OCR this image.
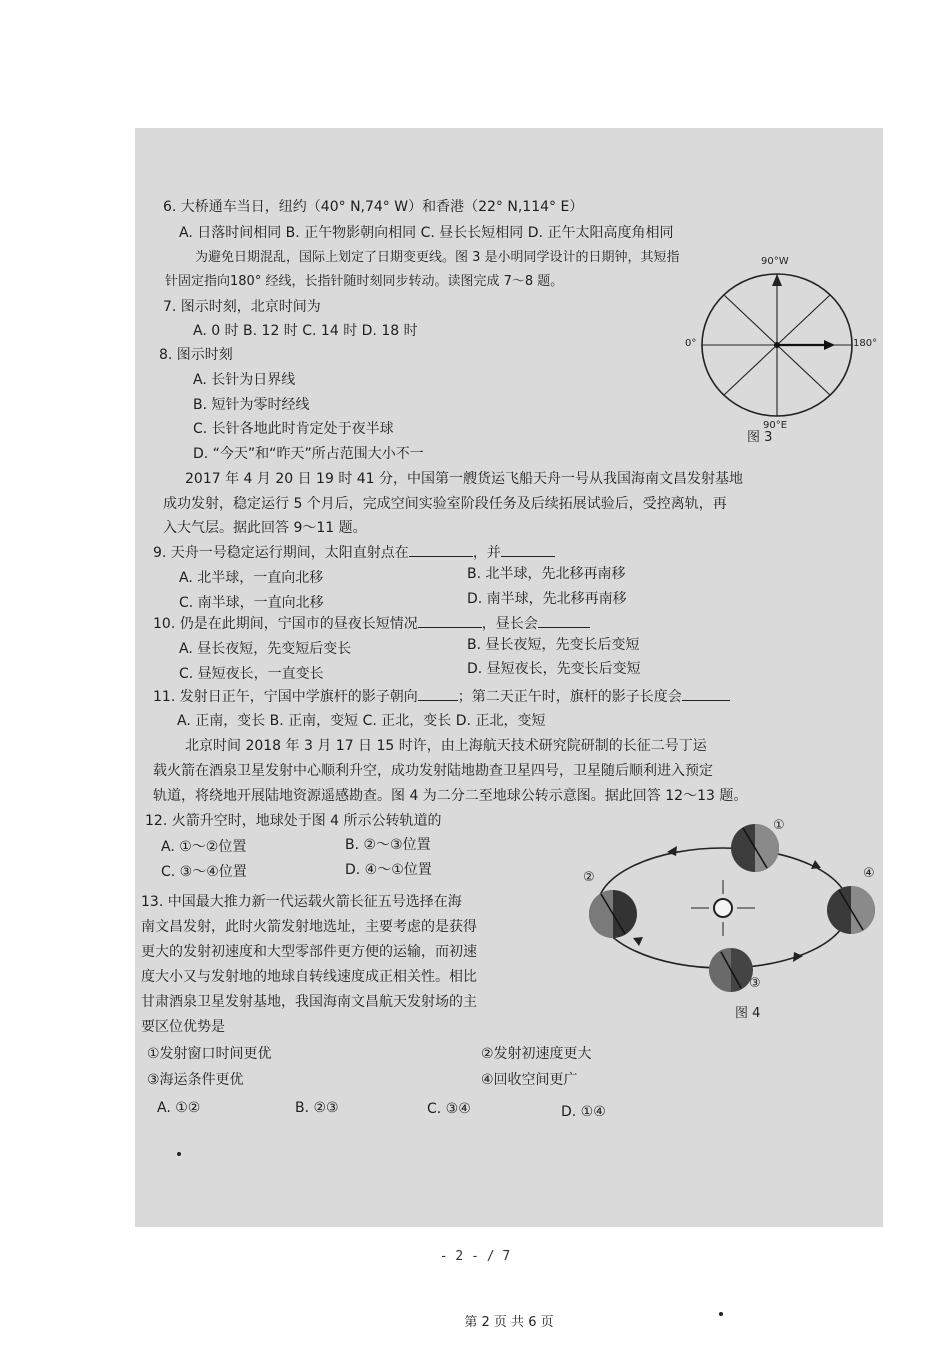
6. 大桥通车当日，纽约（40° N,74° W）和香港（22° N,114° E）
A. 日落时间相同 B. 正午物影朝向相同 C. 昼长长短相同 D. 正午太阳高度角相同
为避免日期混乱，国际上划定了日期变更线。图 3 是小明同学设计的日期钟，其短指
针固定指向180° 经线，长指针随时刻同步转动。读图完成 7～8 题。
7. 图示时刻，北京时间为
A. 0 时 B. 12 时 C. 14 时 D. 18 时
8. 图示时刻
A. 长针为日界线
B. 短针为零时经线
C. 长针各地此时肯定处于夜半球
D. “今天”和“昨天”所占范围大小不一
90°W
90°E
0°	180°
图 3
2017 年 4 月 20 日 19 时 41 分，中国第一艘货运飞船天舟一号从我国海南文昌发射基地
成功发射，稳定运行 5 个月后，完成空间实验室阶段任务及后续拓展试验后，受控离轨，再
入大气层。据此回答 9～11 题。
9. 天舟一号稳定运行期间，太阳直射点在	，并
A. 北半球，一直向北移	B. 北半球，先北移再南移
C. 南半球，一直向北移	D. 南半球，先北移再南移
10. 仍是在此期间，宁国市的昼夜长短情况	，昼长会
A. 昼长夜短，先变短后变长	B. 昼长夜短，先变长后变短
C. 昼短夜长，一直变长	D. 昼短夜长，先变长后变短
11. 发射日正午，宁国中学旗杆的影子朝向	；第二天正午时，旗杆的影子长度会
A. 正南，变长 B. 正南，变短 C. 正北，变长 D. 正北，变短
北京时间 2018 年 3 月 17 日 15 时许，由上海航天技术研究院研制的长征二号丁运
载火箭在酒泉卫星发射中心顺利升空，成功发射陆地勘查卫星四号，卫星随后顺利进入预定
轨道，将绕地开展陆地资源遥感勘查。图 4 为二分二至地球公转示意图。据此回答 12～13 题。
12. 火箭升空时，地球处于图 4 所示公转轨道的
A. ①～②位置	B. ②～③位置
C. ③～④位置	D. ④～①位置
13. 中国最大推力新一代运载火箭长征五号选择在海
南文昌发射，此时火箭发射地选址，主要考虑的是获得
更大的发射初速度和大型零部件更方便的运输，而初速
度大小又与发射地的地球自转线速度成正相关性。相比
甘肃酒泉卫星发射基地，我国海南文昌航天发射场的主
要区位优势是
①发射窗口时间更优	②发射初速度更大
③海运条件更优	④回收空间更广
A. ①②	B. ②③	C. ③④	D. ①④
①
②
③
④
图 4
第 2 页 共 6 页
- 2 - / 7
